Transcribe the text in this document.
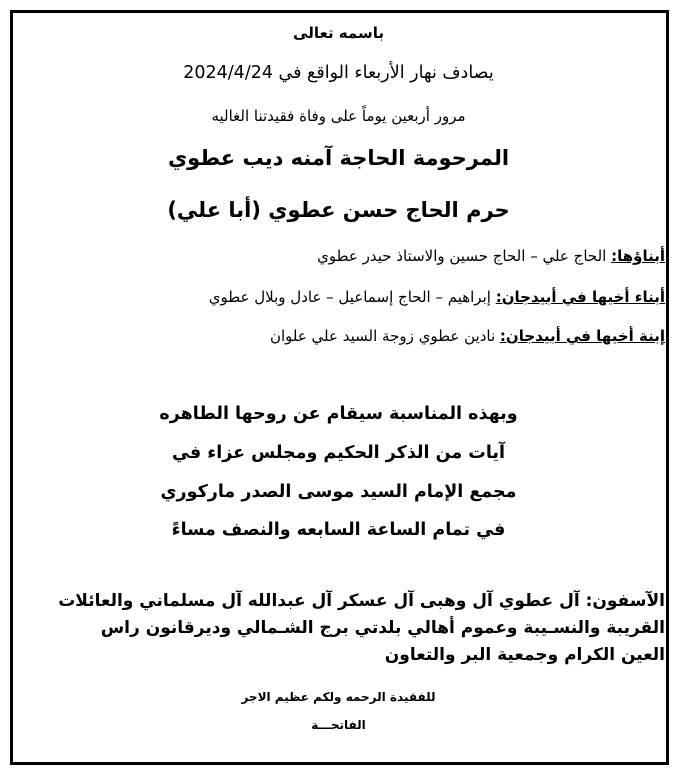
باسمه تعالى
يصادف نهار الأربعاء الواقع في 2024/4/24
مرور أربعين يوماً على وفاة فقيدتنا الغاليه
المرحومة الحاجة آمنه ديب عطوي
حرم الحاج حسن عطوي (أبا علي)
أبناؤها: الحاج علي – الحاج حسين والاستاذ حيدر عطوي
أبناء أخيها في أبيدجان: إبراهيم – الحاج إسماعيل – عادل وبلال عطوي
إبنة أخيها في أبيدجان: نادين عطوي زوجة السيد علي علوان
وبهذه المناسبة سيقام عن روحها الطاهره
آيات من الذكر الحكيم ومجلس عزاء في
مجمع الإمام السيد موسى الصدر ماركوري
في تمام الساعة السابعه والنصف مساءً
الآسفون: آل عطوي آل وهبى آل عسكر آل عبدالله آل مسلماني والعائلات القريبة والنسـيبة وعموم أهالي بلدتي برج الشـمالي وديرقانون راس العين الكرام وجمعية البر والتعاون
للفقيدة الرحمه ولكم عظيم الاجر
الفاتحـــة
